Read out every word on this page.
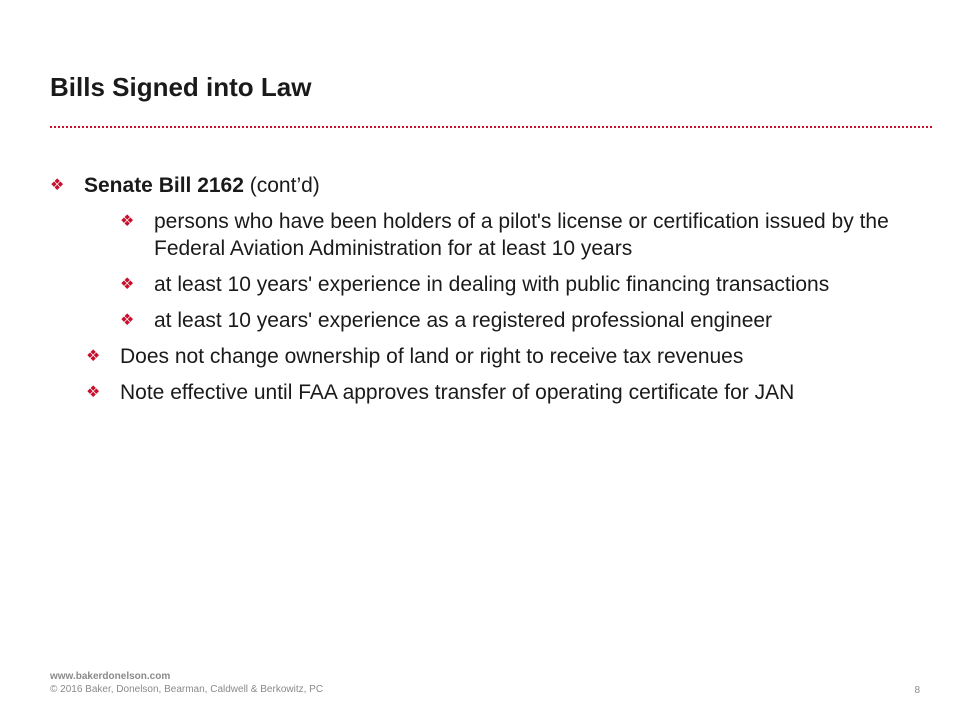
Bills Signed into Law
❖ Senate Bill 2162 (cont’d)
❖ persons who have been holders of a pilot's license or certification issued by the Federal Aviation Administration for at least 10 years
❖ at least 10 years' experience in dealing with public financing transactions
❖ at least 10 years' experience as a registered professional engineer
❖ Does not change ownership of land or right to receive tax revenues
❖ Note effective until FAA approves transfer of operating certificate for JAN
www.bakerdonelson.com
© 2016 Baker, Donelson, Bearman, Caldwell & Berkowitz, PC	8
